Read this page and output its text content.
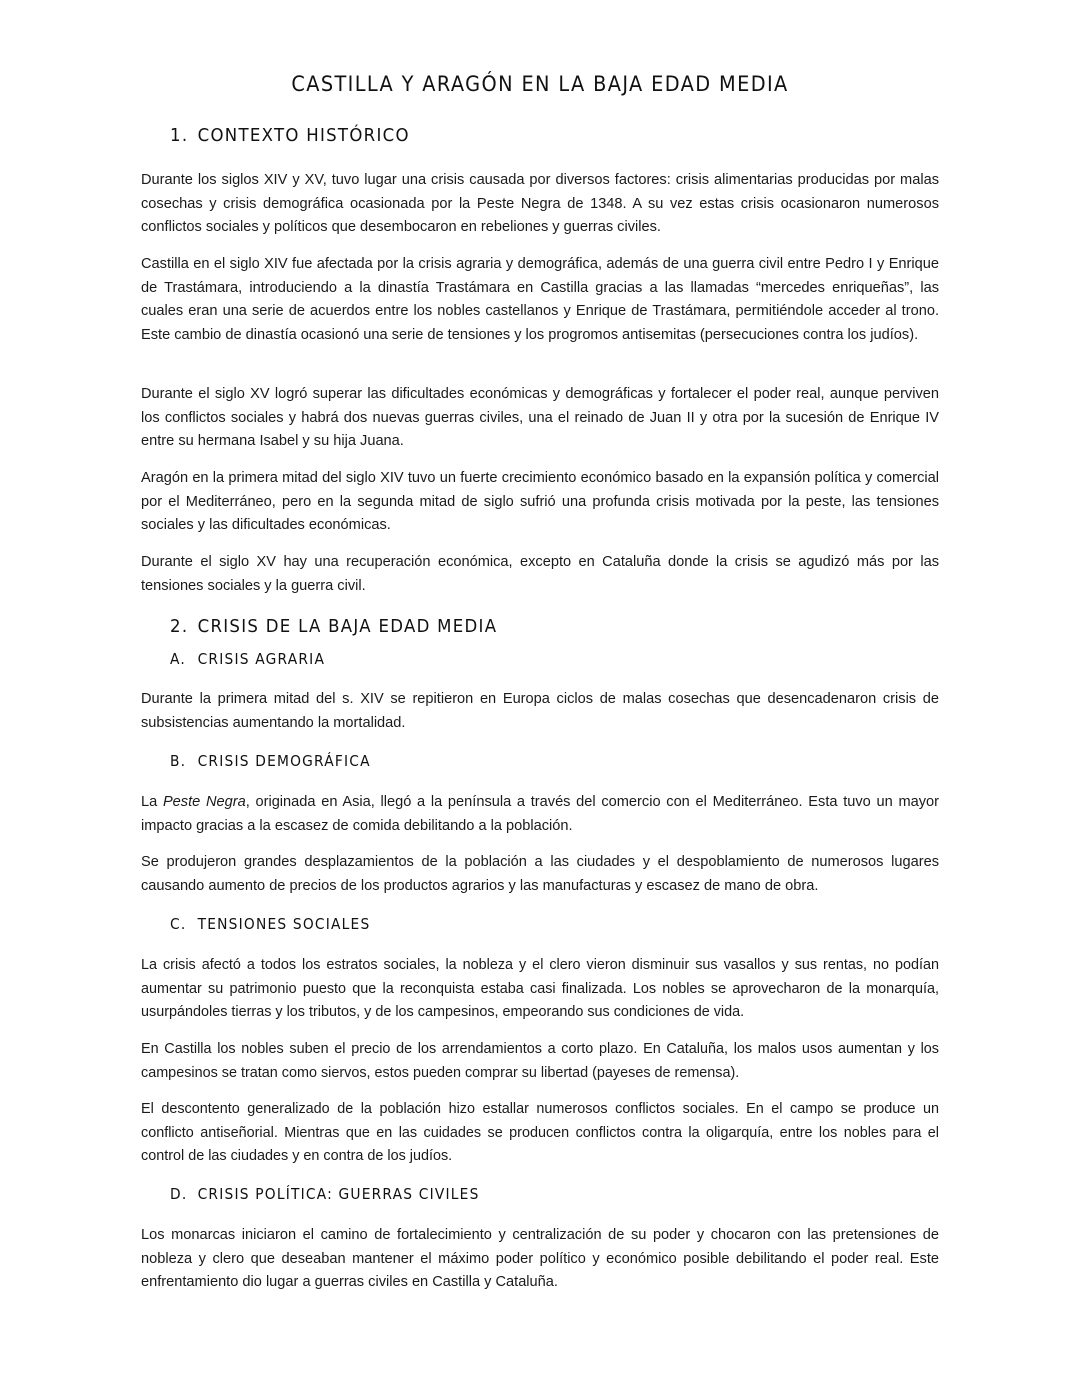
CASTILLA Y ARAGÓN EN LA BAJA EDAD MEDIA
1. CONTEXTO HISTÓRICO

Durante los siglos XIV y XV, tuvo lugar una crisis causada por diversos factores: crisis alimentarias producidas por malas cosechas y crisis demográfica ocasionada por la Peste Negra de 1348. A su vez estas crisis ocasionaron numerosos conflictos sociales y políticos que desembocaron en rebeliones y guerras civiles.

Castilla en el siglo XIV fue afectada por la crisis agraria y demográfica, además de una guerra civil entre Pedro I y Enrique de Trastámara, introduciendo a la dinastía Trastámara en Castilla gracias a las llamadas “mercedes enriqueñas”, las cuales eran una serie de acuerdos entre los nobles castellanos y Enrique de Trastámara, permitiéndole acceder al trono. Este cambio de dinastía ocasionó una serie de tensiones y los progromos antisemitas (persecuciones contra los judíos).

Durante el siglo XV logró superar las dificultades económicas y demográficas y fortalecer el poder real, aunque perviven los conflictos sociales y habrá dos nuevas guerras civiles, una el reinado de Juan II y otra por la sucesión de Enrique IV entre su hermana Isabel y su hija Juana.

Aragón en la primera mitad del siglo XIV tuvo un fuerte crecimiento económico basado en la expansión política y comercial por el Mediterráneo, pero en la segunda mitad de siglo sufrió una profunda crisis motivada por la peste, las tensiones sociales y las dificultades económicas.

Durante el siglo XV hay una recuperación económica, excepto en Cataluña donde la crisis se agudizó más por las tensiones sociales y la guerra civil.

2. CRISIS DE LA BAJA EDAD MEDIA
A. CRISIS AGRARIA

Durante la primera mitad del s. XIV se repitieron en Europa ciclos de malas cosechas que desencadenaron crisis de subsistencias aumentando la mortalidad.

B. CRISIS DEMOGRÁFICA

La Peste Negra, originada en Asia, llegó a la península a través del comercio con el Mediterráneo. Esta tuvo un mayor impacto gracias a la escasez de comida debilitando a la población.

Se produjeron grandes desplazamientos de la población a las ciudades y el despoblamiento de numerosos lugares causando aumento de precios de los productos agrarios y las manufacturas y escasez de mano de obra.

C. TENSIONES SOCIALES

La crisis afectó a todos los estratos sociales, la nobleza y el clero vieron disminuir sus vasallos y sus rentas, no podían aumentar su patrimonio puesto que la reconquista estaba casi finalizada. Los nobles se aprovecharon de la monarquía, usurpándoles tierras y los tributos, y de los campesinos, empeorando sus condiciones de vida.

En Castilla los nobles suben el precio de los arrendamientos a corto plazo. En Cataluña, los malos usos aumentan y los campesinos se tratan como siervos, estos pueden comprar su libertad (payeses de remensa).

El descontento generalizado de la población hizo estallar numerosos conflictos sociales. En el campo se produce un conflicto antiseñorial. Mientras que en las cuidades se producen conflictos contra la oligarquía, entre los nobles para el control de las ciudades y en contra de los judíos.

D. CRISIS POLÍTICA: GUERRAS CIVILES

Los monarcas iniciaron el camino de fortalecimiento y centralización de su poder y chocaron con las pretensiones de nobleza y clero que deseaban mantener el máximo poder político y económico posible debilitando el poder real. Este enfrentamiento dio lugar a guerras civiles en Castilla y Cataluña.
